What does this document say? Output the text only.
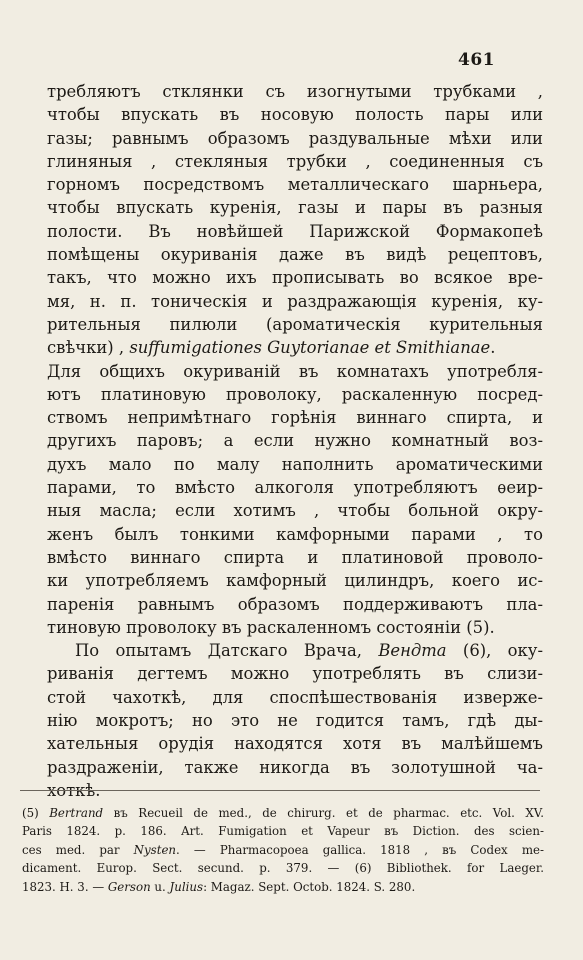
461
требляютъ стклянки съ изогнутыми трубками ,
чтобы впускать въ носовую полость пары или
газы; равнымъ образомъ раздувальные мѣхи или
глиняныя , стекляныя трубки , соединенныя съ
горномъ посредствомъ металлическаго шарньера,
чтобы впускать куренія, газы и пары въ разныя
полости. Въ новѣйшей Парижской Формакопеѣ
помѣщены окуриванія даже въ видѣ рецептовъ,
такъ, что можно ихъ прописывать во всякое вре-
мя, н. п. тоническія и раздражающія куренія, ку-
рительныя пилюли (ароматическія курительныя
свѣчки) , suffumigationes Guytorianae et Smithianae.
Для общихъ окуриваній въ комнатахъ употребля-
ютъ платиновую проволоку, раскаленную посред-
ствомъ непримѣтнаго горѣнія виннаго спирта, и
другихъ паровъ; а если нужно комнатный воз-
духъ мало по малу наполнить ароматическими
парами, то вмѣсто алкоголя употребляютъ ѳеир-
ныя масла; если хотимъ , чтобы больной окру-
женъ былъ тонкими камфорными парами , то
вмѣсто виннаго спирта и платиновой проволо-
ки употребляемъ камфорный цилиндръ, коего ис-
паренія равнымъ образомъ поддерживаютъ пла-
тиновую проволоку въ раскаленномъ состояніи (5).
По опытамъ Датскаго Врача, Вендта (6), оку-
риванія дегтемъ можно употреблять въ слизи-
стой чахоткѣ, для споспѣшествованія изверже-
нію мокротъ; но это не годится тамъ, гдѣ ды-
хательныя орудія находятся хотя въ малѣйшемъ
раздраженіи, также никогда въ золотушной ча-
хоткѣ.
(5) Bertrand въ Recueil de med., de chirurg. et de pharmac. etc. Vol. XV.
Paris 1824. p. 186. Art. Fumigation et Vapeur въ Diction. des scien-
ces med. par Nysten. — Pharmacopoea gallica. 1818 , въ Codex me-
dicament. Europ. Sect. secund. p. 379. — (6) Bibliothek. for Laeger.
1823. H. 3. — Gerson u. Julius: Magaz. Sept. Octob. 1824. S. 280.
